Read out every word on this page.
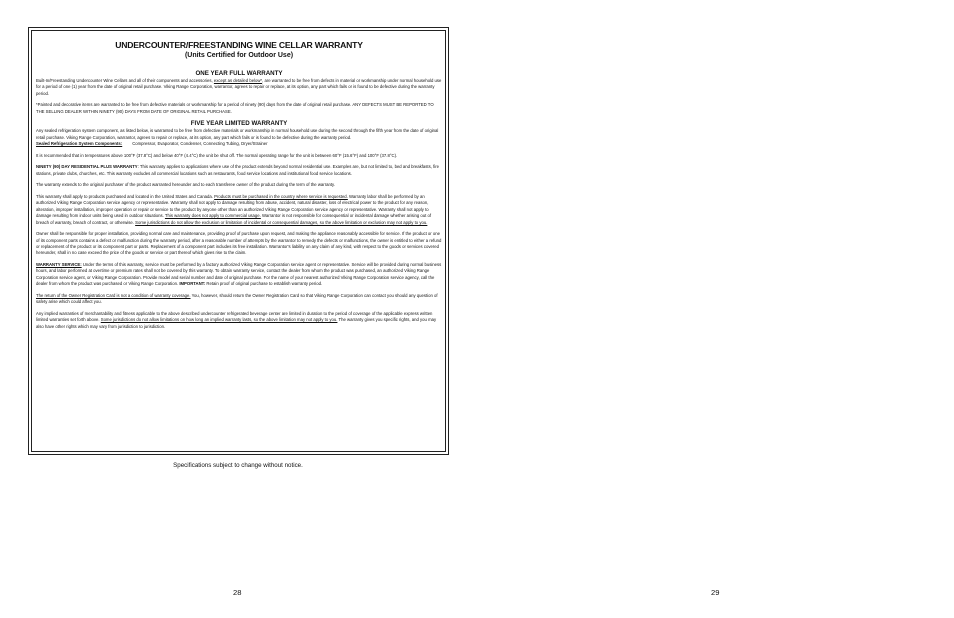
UNDERCOUNTER/FREESTANDING WINE CELLAR WARRANTY
(Units Certified for Outdoor Use)
ONE YEAR FULL WARRANTY

Built-In/Freestanding Undercounter Wine Cellars and all of their components and accessories, except as detailed below*, are warranted to be free from defects in material or workmanship under normal household use for a period of one (1) year from the date of original retail purchase. Viking Range Corporation, warrantor, agrees to repair or replace, at its option, any part which fails or is found to be defective during the warranty period.

*Painted and decorative items are warranted to be free from defective materials or workmanship for a period of ninety (90) days from the date of original retail purchase. ANY DEFECTS MUST BE REPORTED TO THE SELLING DEALER WITHIN NINETY (90) DAYS FROM DATE OF ORIGINAL RETAIL PURCHASE.

FIVE YEAR LIMITED WARRANTY

Any sealed refrigeration system component, as listed below, is warranted to be free from defective materials or workmanship in normal household use during the second through the fifth year from the date of original retail purchase. Viking Range Corporation, warrantor, agrees to repair or replace, at its option, any part which fails or is found to be defective during the warranty period.

Sealed Refrigeration System Components: Compressor, Evaporator, Condenser, Connecting Tubing, Dryer/Strainer

It is recommended that in temperatures above 100°F (37.8°C) and below 40°F (4.4°C) the unit be shut off. The normal operating range for the unit is between 60°F (15.6°F) and 100°F (37.8°C).

NINETY (90) DAY RESIDENTIAL PLUS WARRANTY: This warranty applies to applications where use of the product extends beyond normal residential use. Examples are, but not limited to, bed and breakfasts, fire stations, private clubs, churches, etc. This warranty excludes all commercial locations such as restaurants, food service locations and institutional food service locations.

The warranty extends to the original purchaser of the product warranted hereunder and to each transferee owner of the product during the term of the warranty.

This warranty shall apply to products purchased and located in the United States and Canada. Products must be purchased in the country where service is requested. Warranty labor shall be performed by an authorized Viking Range Corporation service agency or representative. Warranty shall not apply to damage resulting from abuse, accident, natural disaster, loss of electrical power to the product for any reason, alteration, improper installation, improper operation or repair or service to the product by anyone other than an authorized Viking Range Corporation service agency or representative. Warranty shall not apply to damage resulting from indoor units being used in outdoor situations. This warranty does not apply to commercial usage. Warrantor is not responsible for consequential or incidental damage whether arising out of breach of warranty, breach of contract, or otherwise. Some jurisdictions do not allow the exclusion or limitation of incidental or consequential damages, so the above limitation or exclusion may not apply to you.

Owner shall be responsible for proper installation, providing normal care and maintenance, providing proof of purchase upon request, and making the appliance reasonably accessible for service. If the product or one of its component parts contains a defect or malfunction during the warranty period, after a reasonable number of attempts by the warrantor to remedy the defects or malfunctions, the owner is entitled to either a refund or replacement of the product or its component part or parts. Replacement of a component part includes its free installation. Warrantor's liability on any claim of any kind, with respect to the goods or services covered hereunder, shall in no case exceed the price of the goods or service or part thereof which gives rise to the claim.

WARRANTY SERVICE: Under the terms of this warranty, service must be performed by a factory authorized Viking Range Corporation service agent or representative. Service will be provided during normal business hours, and labor performed at overtime or premium rates shall not be covered by this warranty. To obtain warranty service, contact the dealer from whom the product was purchased, an authorized Viking Range Corporation service agent, or Viking Range Corporation. Provide model and serial number and date of original purchase. For the name of your nearest authorized Viking Range Corporation service agency, call the dealer from whom the product was purchased or Viking Range Corporation. IMPORTANT: Retain proof of original purchase to establish warranty period.

The return of the Owner Registration Card is not a condition of warranty coverage. You, however, should return the Owner Registration Card so that Viking Range Corporation can contact you should any question of safety arise which could affect you.

Any implied warranties of merchantability and fitness applicable to the above described undercounter refrigerated beverage center are limited in duration to the period of coverage of the applicable express written limited warranties set forth above. Some jurisdictions do not allow limitations on how long an implied warranty lasts, so the above limitation may not apply to you. The warranty gives you specific rights, and you may also have other rights which may vary from jurisdiction to jurisdiction.

Specifications subject to change without notice.
28	29
